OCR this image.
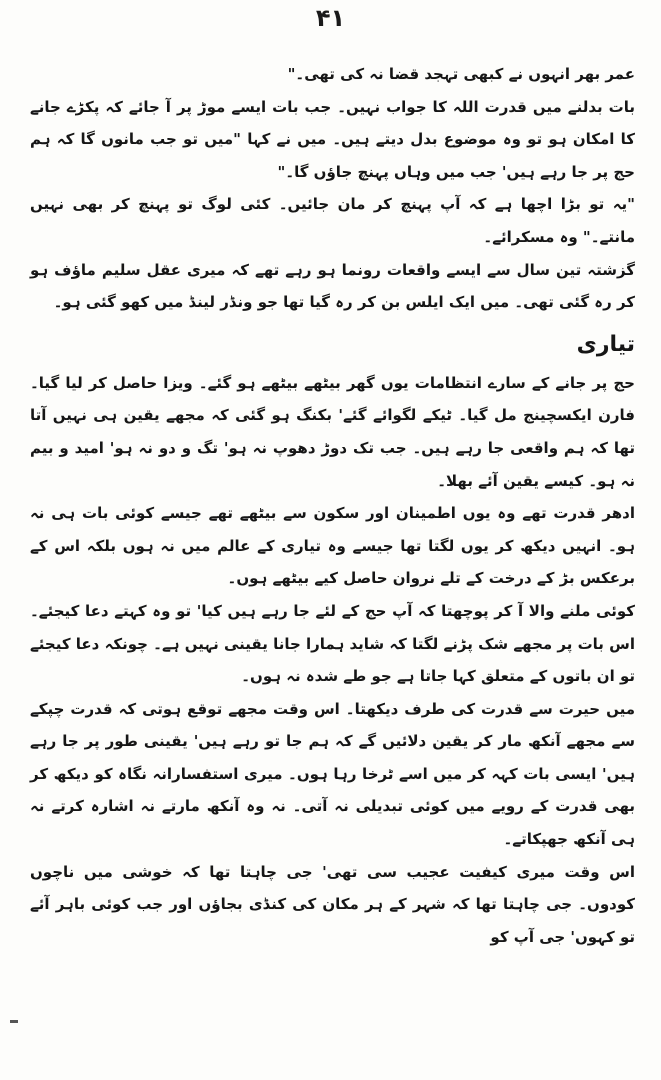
۴۱

عمر بھر انہوں نے کبھی تہجد قضا نہ کی تھی۔"

بات بدلنے میں قدرت اللہ کا جواب نہیں۔ جب بات ایسے موڑ پر آ جائے کہ پکڑے جانے کا امکان ہو تو وہ موضوع بدل دیتے ہیں۔ میں نے کہا "میں تو جب مانوں گا کہ ہم حج پر جا رہے ہیں' جب میں وہاں پہنچ جاؤں گا۔"

"یہ تو بڑا اچھا ہے کہ آپ پہنچ کر مان جائیں۔ کئی لوگ تو پہنچ کر بھی نہیں مانتے۔" وہ مسکرائے۔

گزشتہ تین سال سے ایسے واقعات رونما ہو رہے تھے کہ میری عقل سلیم ماؤف ہو کر رہ گئی تھی۔ میں ایک ایلس بن کر رہ گیا تھا جو ونڈر لینڈ میں کھو گئی ہو۔

تیاری

حج پر جانے کے سارے انتظامات یوں گھر بیٹھے بیٹھے ہو گئے۔ ویزا حاصل کر لیا گیا۔ فارن ایکسچینج مل گیا۔ ٹیکے لگوائے گئے' بکنگ ہو گئی کہ مجھے یقین ہی نہیں آتا تھا کہ ہم واقعی جا رہے ہیں۔ جب تک دوڑ دھوپ نہ ہو' تگ و دو نہ ہو' امید و بیم نہ ہو۔ کیسے یقین آئے بھلا۔

ادھر قدرت تھے وہ یوں اطمینان اور سکون سے بیٹھے تھے جیسے کوئی بات ہی نہ ہو۔ انہیں دیکھ کر یوں لگتا تھا جیسے وہ تیاری کے عالم میں نہ ہوں بلکہ اس کے برعکس بڑ کے درخت کے تلے نروان حاصل کیے بیٹھے ہوں۔

کوئی ملنے والا آ کر پوچھتا کہ آپ حج کے لئے جا رہے ہیں کیا' تو وہ کہتے دعا کیجئے۔ اس بات پر مجھے شک پڑنے لگتا کہ شاید ہمارا جانا یقینی نہیں ہے۔ چونکہ دعا کیجئے تو ان باتوں کے متعلق کہا جاتا ہے جو طے شدہ نہ ہوں۔

میں حیرت سے قدرت کی طرف دیکھتا۔ اس وقت مجھے توقع ہوتی کہ قدرت چپکے سے مجھے آنکھ مار کر یقین دلائیں گے کہ ہم جا تو رہے ہیں' یقینی طور پر جا رہے ہیں' ایسی بات کہہ کر میں اسے ٹرخا رہا ہوں۔ میری استفسارانہ نگاہ کو دیکھ کر بھی قدرت کے رویے میں کوئی تبدیلی نہ آتی۔ نہ وہ آنکھ مارتے نہ اشارہ کرتے نہ ہی آنکھ جھپکاتے۔

اس وقت میری کیفیت عجیب سی تھی' جی چاہتا تھا کہ خوشی میں ناچوں کودوں۔ جی چاہتا تھا کہ شہر کے ہر مکان کی کنڈی بجاؤں اور جب کوئی باہر آئے تو کہوں' جی آپ کو
